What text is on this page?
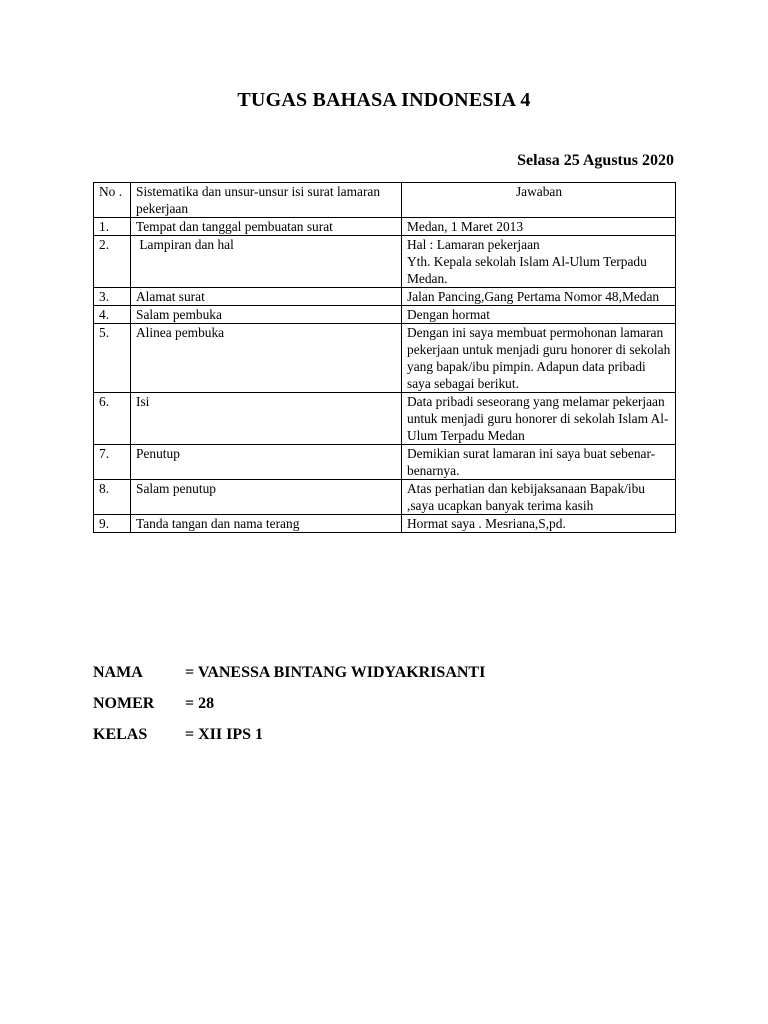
TUGAS BAHASA INDONESIA 4
Selasa 25 Agustus 2020
No .	Sistematika dan unsur-unsur isi surat lamaran pekerjaan	Jawaban
1.	Tempat dan tanggal pembuatan surat	Medan, 1 Maret 2013
2.	Lampiran dan hal	Hal : Lamaran pekerjaan
Yth. Kepala sekolah Islam Al-Ulum Terpadu Medan.
3.	Alamat surat	Jalan Pancing,Gang Pertama Nomor 48,Medan
4.	Salam pembuka	Dengan hormat
5.	Alinea pembuka	Dengan ini saya membuat permohonan lamaran pekerjaan untuk menjadi guru honorer di sekolah yang bapak/ibu pimpin. Adapun data pribadi saya sebagai berikut.
6.	Isi	Data pribadi seseorang yang melamar pekerjaan untuk menjadi guru honorer di sekolah Islam Al-Ulum Terpadu Medan
7.	Penutup	Demikian surat lamaran ini saya buat sebenar-benarnya.
8.	Salam penutup	Atas perhatian dan kebijaksanaan Bapak/ibu ,saya ucapkan banyak terima kasih
9.	Tanda tangan dan nama terang	Hormat saya . Mesriana,S,pd.
NAMA	= VANESSA BINTANG WIDYAKRISANTI
NOMER = 28
KELAS = XII IPS 1
